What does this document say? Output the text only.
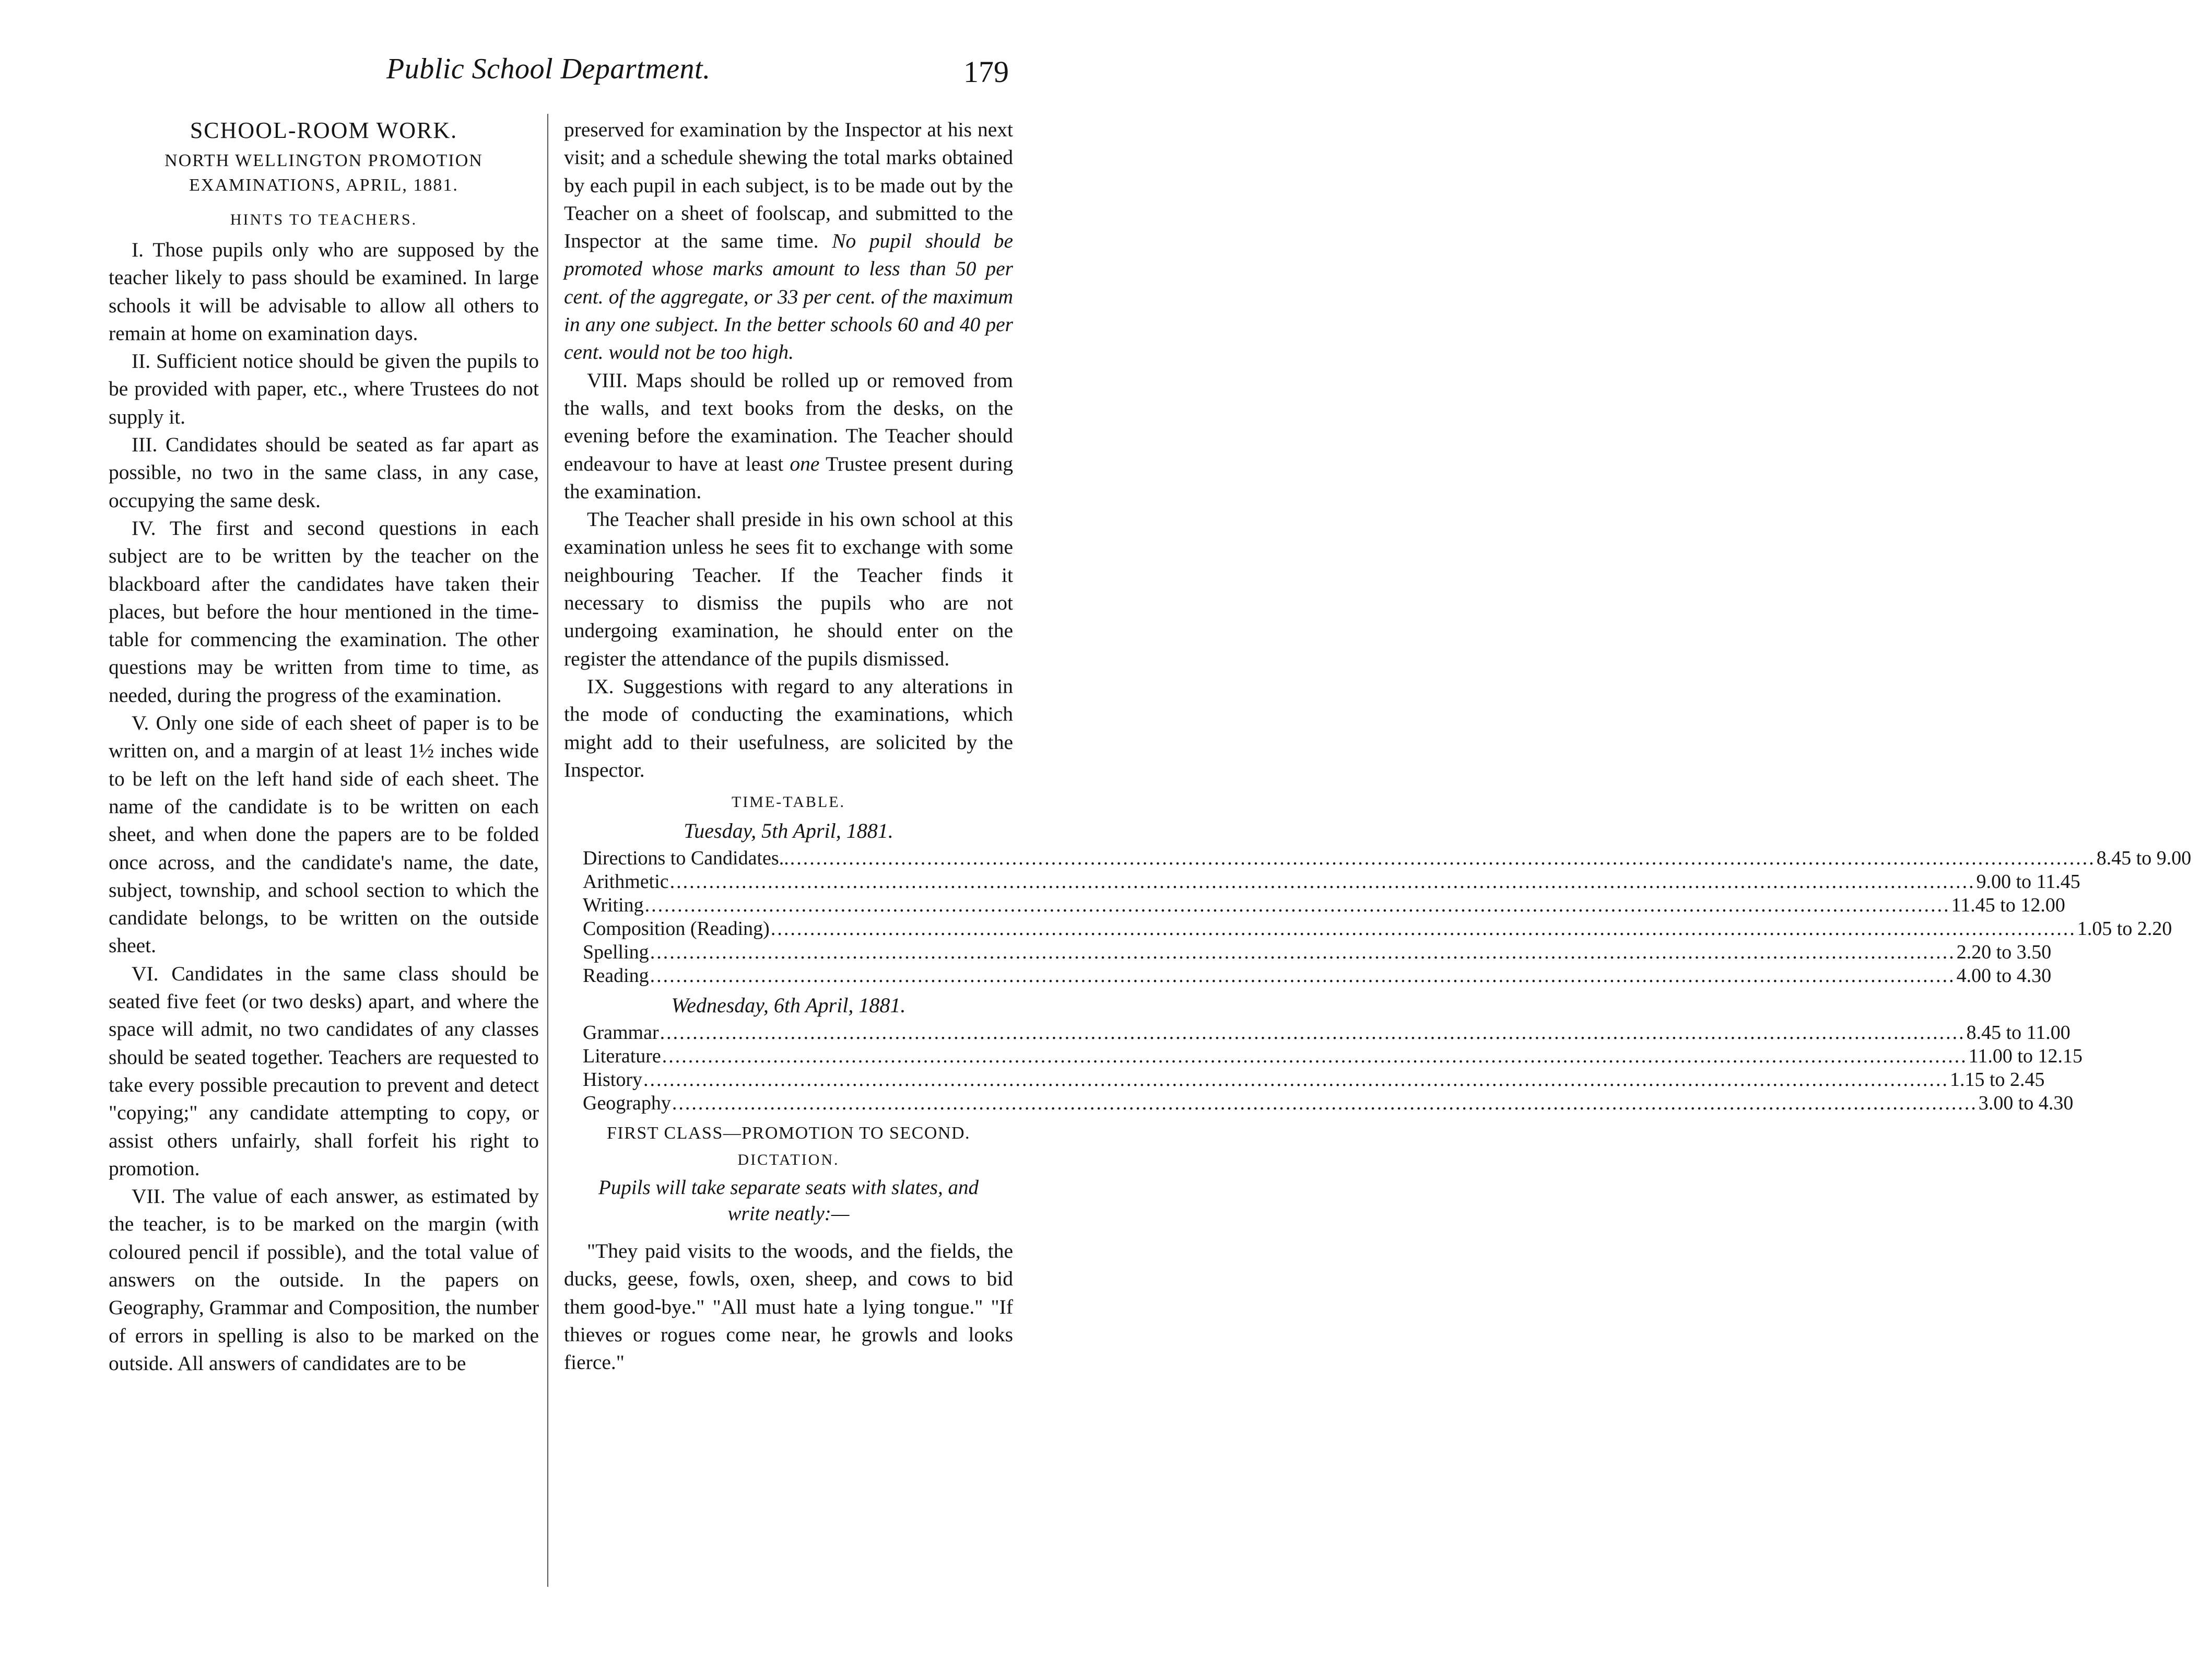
Public School Department.	179
SCHOOL-ROOM WORK.
NORTH WELLINGTON PROMOTION EXAMINATIONS, APRIL, 1881.
HINTS TO TEACHERS.

I. Those pupils only who are supposed by the teacher likely to pass should be examined. In large schools it will be advisable to allow all others to remain at home on examination days.

II. Sufficient notice should be given the pupils to be provided with paper, etc., where Trustees do not supply it.

III. Candidates should be seated as far apart as possible, no two in the same class, in any case, occupying the same desk.

IV. The first and second questions in each subject are to be written by the teacher on the blackboard after the candidates have taken their places, but before the hour mentioned in the time-table for commencing the examination. The other questions may be written from time to time, as needed, during the progress of the examination.

V. Only one side of each sheet of paper is to be written on, and a margin of at least 1½ inches wide to be left on the left hand side of each sheet. The name of the candidate is to be written on each sheet, and when done the papers are to be folded once across, and the candidate's name, the date, subject, township, and school section to which the candidate belongs, to be written on the outside sheet.

VI. Candidates in the same class should be seated five feet (or two desks) apart, and where the space will admit, no two candidates of any classes should be seated together. Teachers are requested to take every possible precaution to prevent and detect "copying;" any candidate attempting to copy, or assist others unfairly, shall forfeit his right to promotion.

VII. The value of each answer, as estimated by the teacher, is to be marked on the margin (with coloured pencil if possible), and the total value of answers on the outside. In the papers on Geography, Grammar and Composition, the number of errors in spelling is also to be marked on the outside. All answers of candidates are to be

preserved for examination by the Inspector at his next visit; and a schedule shewing the total marks obtained by each pupil in each subject, is to be made out by the Teacher on a sheet of foolscap, and submitted to the Inspector at the same time. No pupil should be promoted whose marks amount to less than 50 per cent. of the aggregate, or 33 per cent. of the maximum in any one subject. In the better schools 60 and 40 per cent. would not be too high.

VIII. Maps should be rolled up or removed from the walls, and text books from the desks, on the evening before the examination. The Teacher should endeavour to have at least one Trustee present during the examination.

The Teacher shall preside in his own school at this examination unless he sees fit to exchange with some neighbouring Teacher. If the Teacher finds it necessary to dismiss the pupils who are not undergoing examination, he should enter on the register the attendance of the pupils dismissed.

IX. Suggestions with regard to any alterations in the mode of conducting the examinations, which might add to their usefulness, are solicited by the Inspector.

TIME-TABLE.
Tuesday, 5th April, 1881.
Directions to Candidates.. ........................................................................................................................................................................................................ 8.45 to 9.00
Arithmetic ........................................................................................................................................................................................................ 9.00 to 11.45
Writing ........................................................................................................................................................................................................ 11.45 to 12.00
Composition (Reading) ........................................................................................................................................................................................................ 1.05 to 2.20
Spelling ........................................................................................................................................................................................................ 2.20 to 3.50
Reading ........................................................................................................................................................................................................ 4.00 to 4.30
Wednesday, 6th April, 1881.
Grammar ........................................................................................................................................................................................................ 8.45 to 11.00
Literature ........................................................................................................................................................................................................ 11.00 to 12.15
History ........................................................................................................................................................................................................ 1.15 to 2.45
Geography ........................................................................................................................................................................................................ 3.00 to 4.30
FIRST CLASS—PROMOTION TO SECOND.
DICTATION.
Pupils will take separate seats with slates, and write neatly:—

"They paid visits to the woods, and the fields, the ducks, geese, fowls, oxen, sheep, and cows to bid them good-bye." "All must hate a lying tongue." "If thieves or rogues come near, he growls and looks fierce."
